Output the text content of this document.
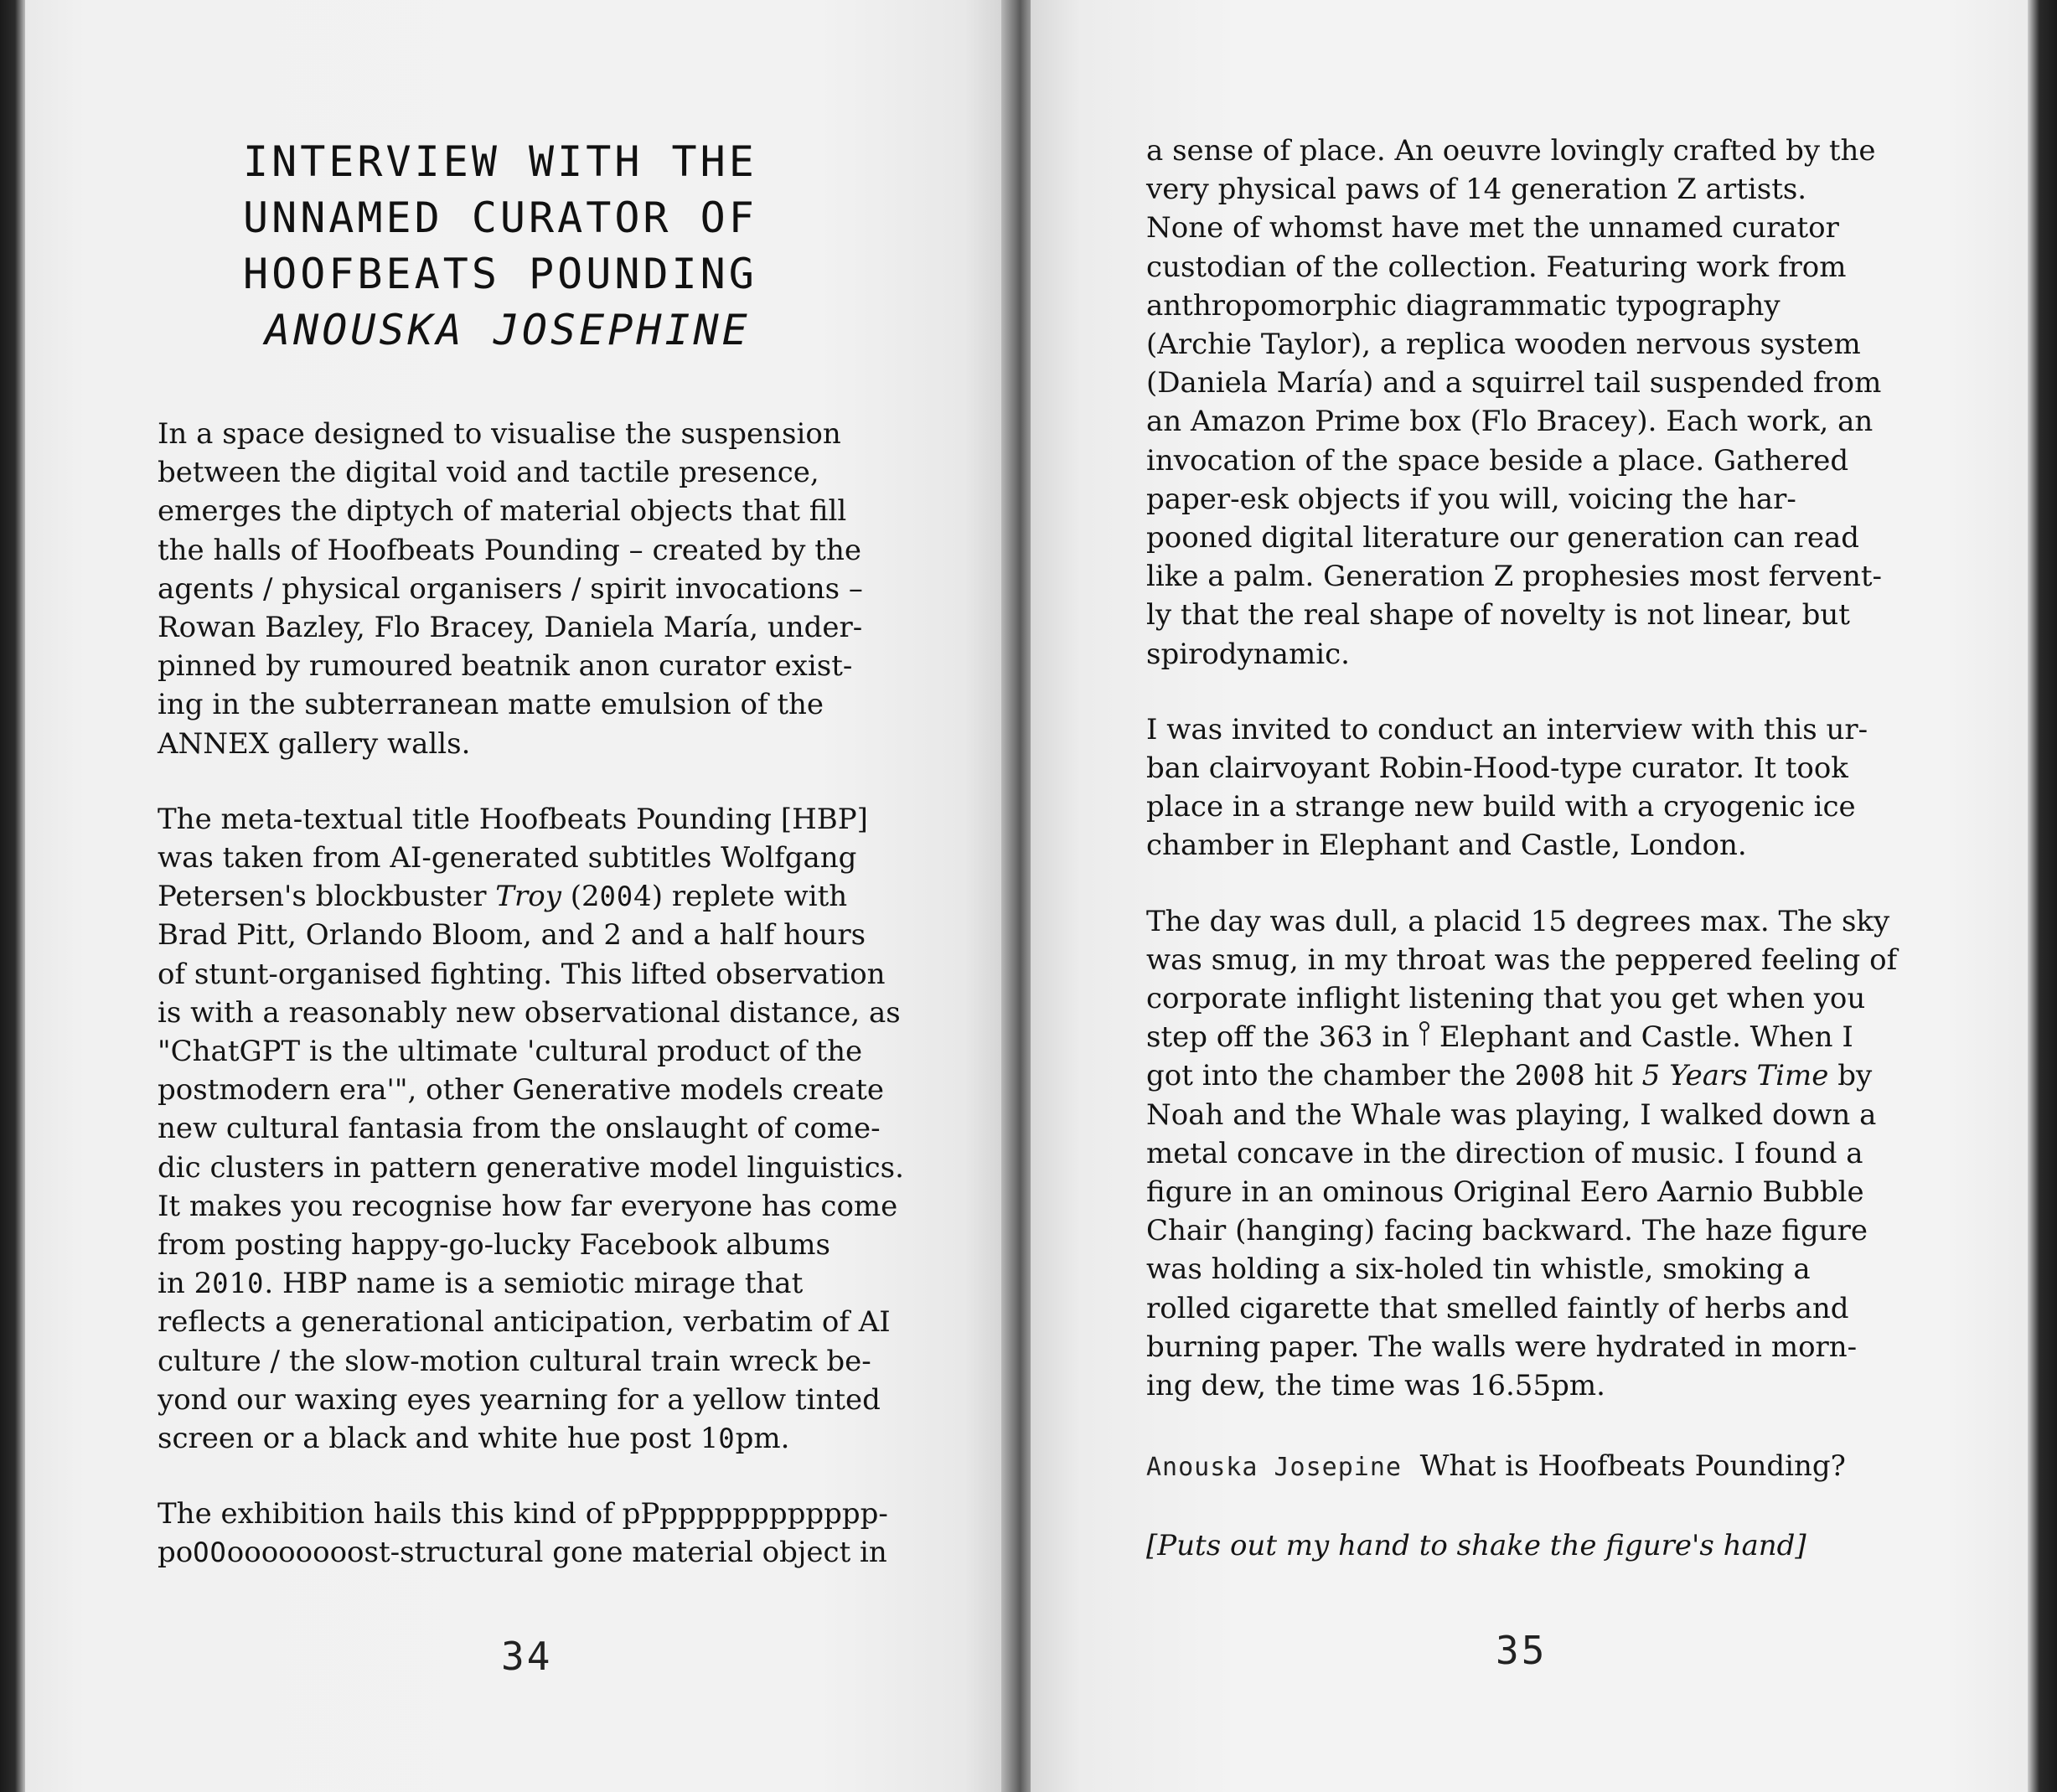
INTERVIEW WITH THE
UNNAMED CURATOR OF
HOOFBEATS POUNDING
ANOUSKA JOSEPHINE

In a space designed to visualise the suspension

between the digital void and tactile presence,

emerges the diptych of material objects that fill

the halls of Hoofbeats Pounding – created by the

agents / physical organisers / spirit invocations –

Rowan Bazley, Flo Bracey, Daniela María, under-

pinned by rumoured beatnik anon curator exist-

ing in the subterranean matte emulsion of the

ANNEX gallery walls.

The meta-textual title Hoofbeats Pounding [HBP]

was taken from AI-generated subtitles Wolfgang

Petersen's blockbuster Troy (2004) replete with

Brad Pitt, Orlando Bloom, and 2 and a half hours

of stunt-organised fighting. This lifted observation

is with a reasonably new observational distance, as

"ChatGPT is the ultimate 'cultural product of the

postmodern era'", other Generative models create

new cultural fantasia from the onslaught of come-

dic clusters in pattern generative model linguistics.

It makes you recognise how far everyone has come

from posting happy-go-lucky Facebook albums

in 2010. HBP name is a semiotic mirage that

reflects a generational anticipation, verbatim of AI

culture / the slow-motion cultural train wreck be-

yond our waxing eyes yearning for a yellow tinted

screen or a black and white hue post 10pm.

The exhibition hails this kind of pPpppppppppppp-

poOOoooooooost-structural gone material object in

34

a sense of place. An oeuvre lovingly crafted by the

very physical paws of 14 generation Z artists.

None of whomst have met the unnamed curator

custodian of the collection. Featuring work from

anthropomorphic diagrammatic typography

(Archie Taylor), a replica wooden nervous system

(Daniela María) and a squirrel tail suspended from

an Amazon Prime box (Flo Bracey). Each work, an

invocation of the space beside a place. Gathered

paper-esk objects if you will, voicing the har-

pooned digital literature our generation can read

like a palm. Generation Z prophesies most fervent-

ly that the real shape of novelty is not linear, but

spirodynamic.

I was invited to conduct an interview with this ur-

ban clairvoyant Robin-Hood-type curator. It took

place in a strange new build with a cryogenic ice

chamber in Elephant and Castle, London.

The day was dull, a placid 15 degrees max. The sky

was smug, in my throat was the peppered feeling of

corporate inflight listening that you get when you

step off the 363 in  Elephant and Castle. When I

got into the chamber the 2008 hit 5 Years Time by

Noah and the Whale was playing, I walked down a

metal concave in the direction of music. I found a

figure in an ominous Original Eero Aarnio Bubble

Chair (hanging) facing backward. The haze figure

was holding a six-holed tin whistle, smoking a

rolled cigarette that smelled faintly of herbs and

burning paper. The walls were hydrated in morn-

ing dew, the time was 16.55pm.

Anouska Josepine What is Hoofbeats Pounding?

[Puts out my hand to shake the figure's hand]

35
